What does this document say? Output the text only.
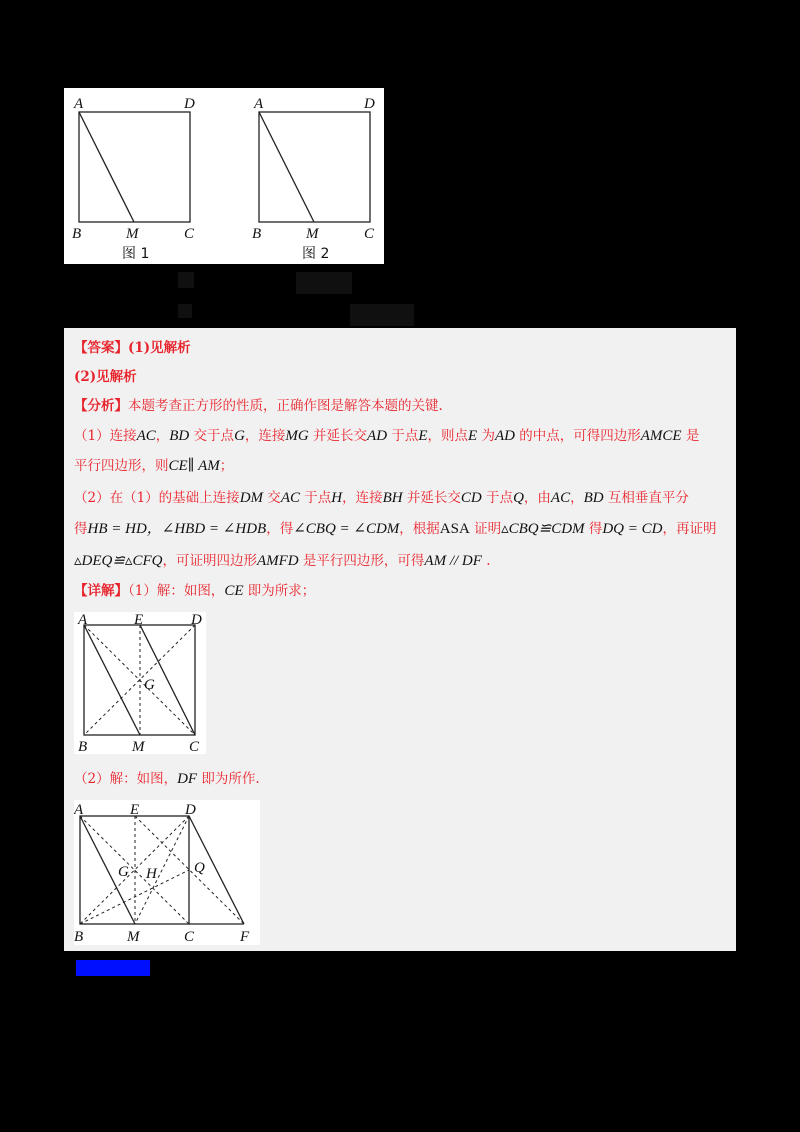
A	D
B	M	C
图 1
A	D
B	M	C
图 2
【答案】(1)见解析
(2)见解析
【分析】本题考查正方形的性质，正确作图是解答本题的关键.
（1）连接AC，BD 交于点G，连接MG 并延长交AD 于点E，则点E 为AD 的中点，可得四边形AMCE 是
平行四边形，则CE∥ AM；
（2）在（1）的基础上连接DM 交AC 于点H，连接BH 并延长交CD 于点Q，由AC，BD 互相垂直平分
得HB = HD，∠HBD = ∠HDB，得∠CBQ = ∠CDM，根据ASA 证明▵CBQ≌CDM 得DQ = CD，再证明
▵DEQ≌▵CFQ，可证明四边形AMFD 是平行四边形，可得AM // DF .
【详解】（1）解：如图，CE 即为所求；
A	E	D
G
B	M	C
（2）解：如图，DF 即为所作.
A	E	D
G H Q
B	M	C	F
【精品】
